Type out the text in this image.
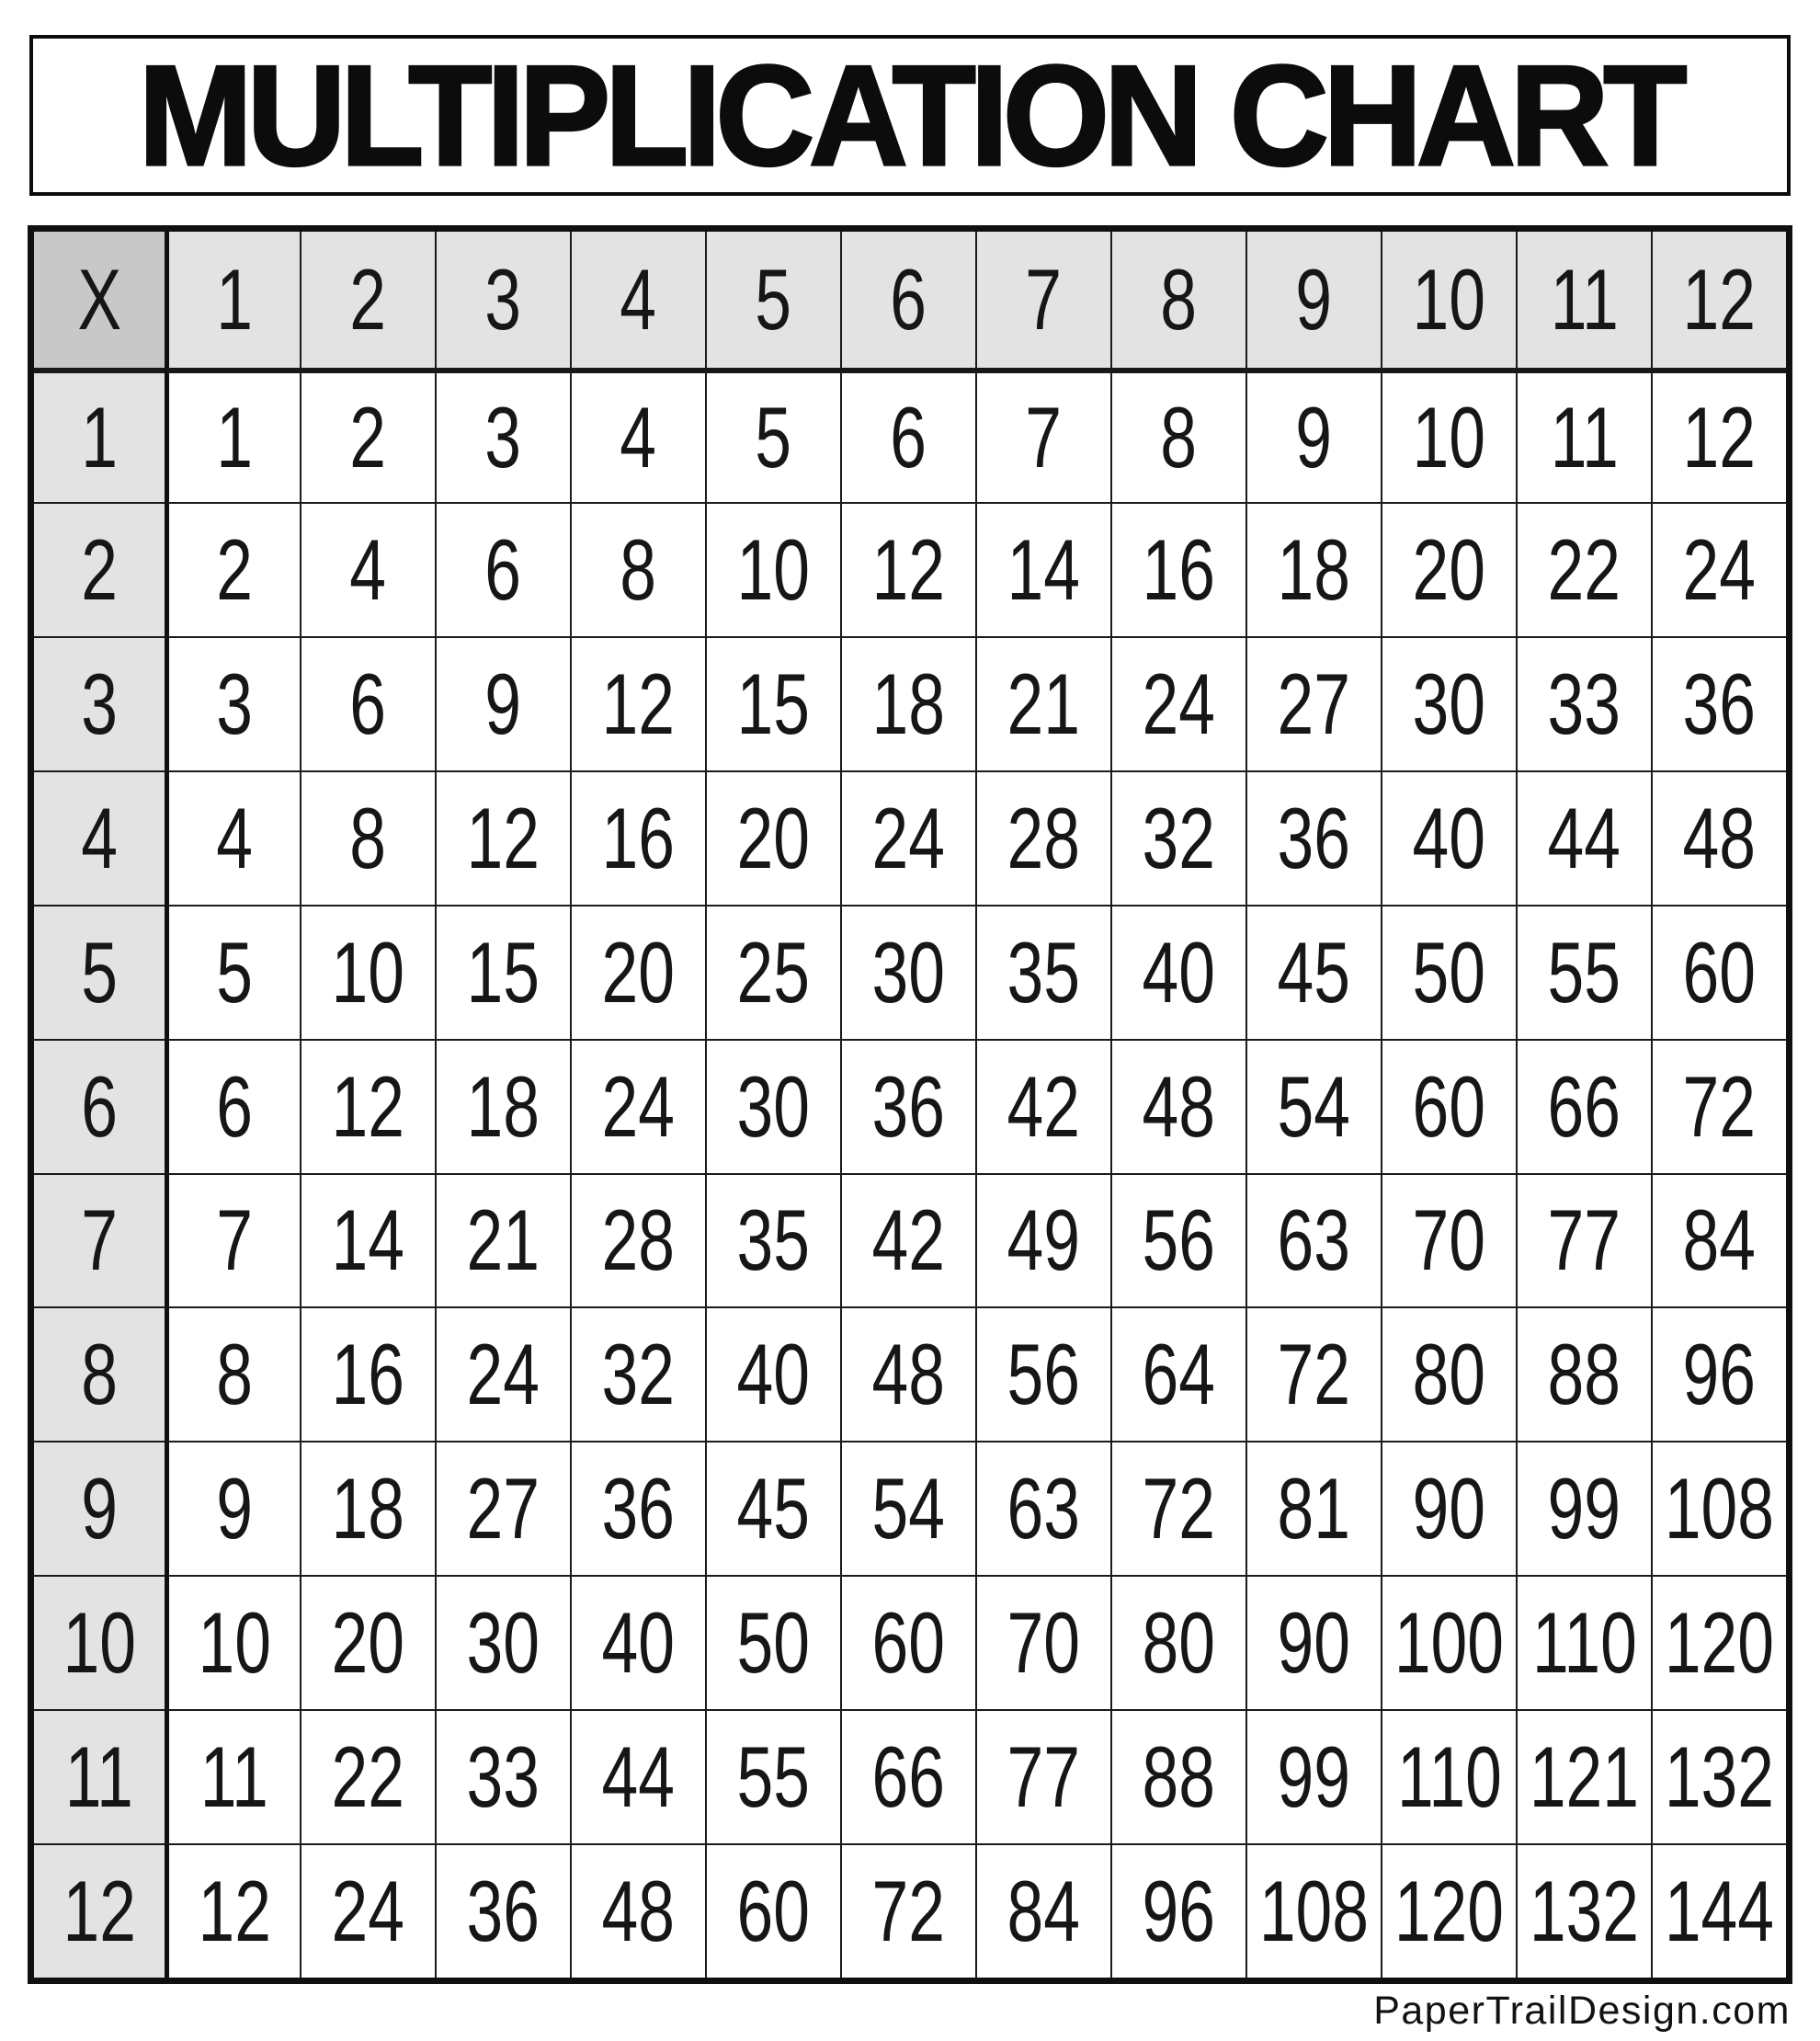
MULTIPLICATION CHART
X 1 2 3 4 5 6 7 8 9 10 11 12
1 1 2 3 4 5 6 7 8 9 10 11 12
2 2 4 6 8 10 12 14 16 18 20 22 24
3 3 6 9 12 15 18 21 24 27 30 33 36
4 4 8 12 16 20 24 28 32 36 40 44 48
5 5 10 15 20 25 30 35 40 45 50 55 60
6 6 12 18 24 30 36 42 48 54 60 66 72
7 7 14 21 28 35 42 49 56 63 70 77 84
8 8 16 24 32 40 48 56 64 72 80 88 96
9 9 18 27 36 45 54 63 72 81 90 99 108
10 10 20 30 40 50 60 70 80 90 100 110 120
11 11 22 33 44 55 66 77 88 99 110 121 132
12 12 24 36 48 60 72 84 96 108 120 132 144
PaperTrailDesign.com
